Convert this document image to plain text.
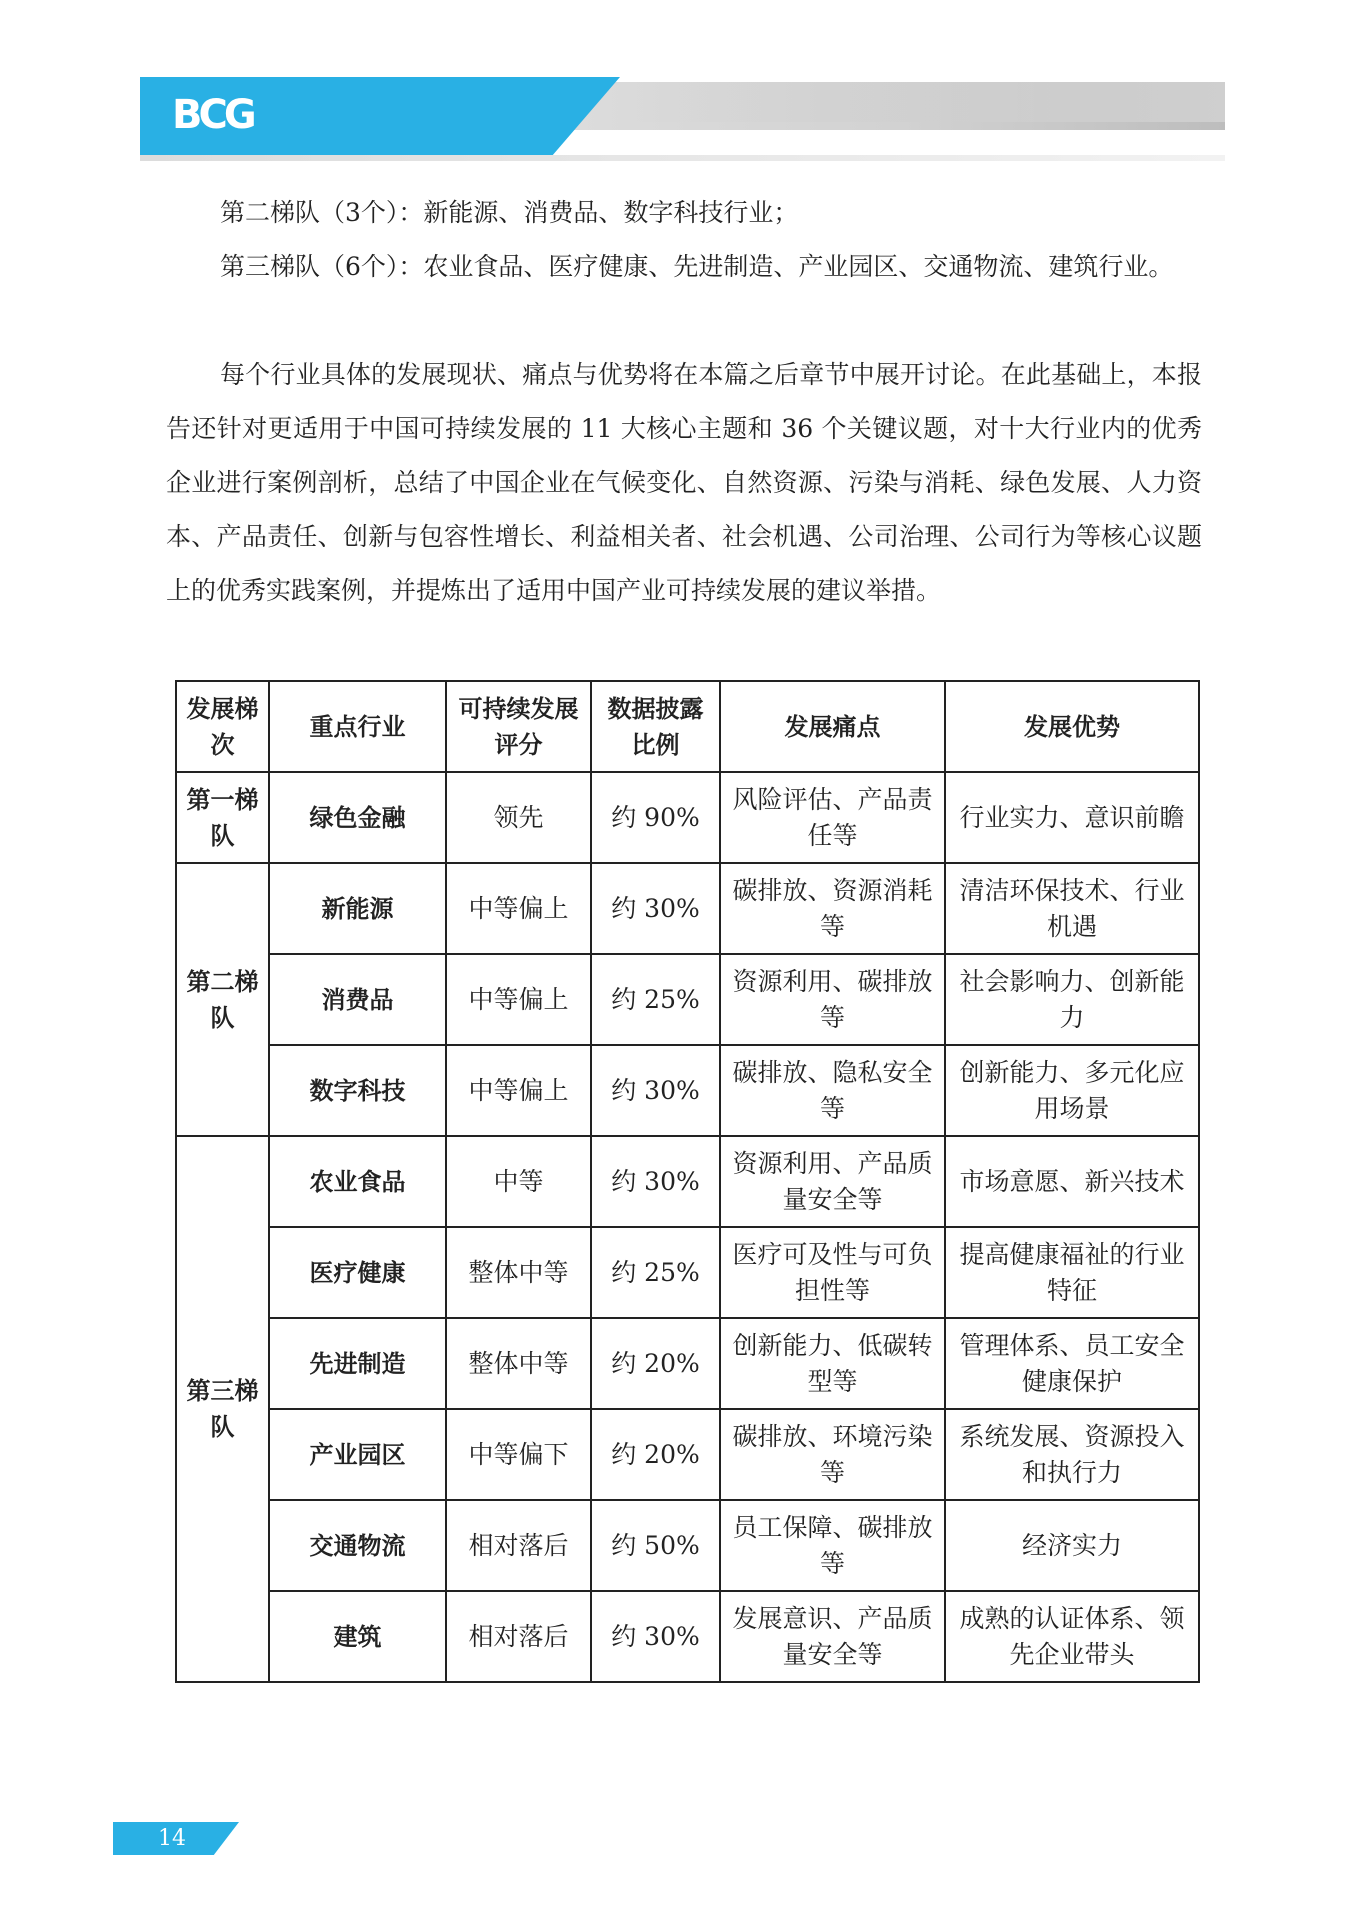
BCG

第二梯队（3个）：新能源、消费品、数字科技行业；

第三梯队（6个）：农业食品、医疗健康、先进制造、产业园区、交通物流、建筑行业。

每个行业具体的发展现状、痛点与优势将在本篇之后章节中展开讨论。在此基础上，本报告还针对更适用于中国可持续发展的 11 大核心主题和 36 个关键议题，对十大行业内的优秀企业进行案例剖析，总结了中国企业在气候变化、自然资源、污染与消耗、绿色发展、人力资本、产品责任、创新与包容性增长、利益相关者、社会机遇、公司治理、公司行为等核心议题上的优秀实践案例，并提炼出了适用中国产业可持续发展的建议举措。

发展梯次	重点行业	可持续发展评分	数据披露比例	发展痛点	发展优势
第一梯队	绿色金融	领先	约 90%	风险评估、产品责任等	行业实力、意识前瞻
第二梯队	新能源	中等偏上	约 30%	碳排放、资源消耗等	清洁环保技术、行业机遇
	消费品	中等偏上	约 25%	资源利用、碳排放等	社会影响力、创新能力
	数字科技	中等偏上	约 30%	碳排放、隐私安全等	创新能力、多元化应用场景
第三梯队	农业食品	中等	约 30%	资源利用、产品质量安全等	市场意愿、新兴技术
	医疗健康	整体中等	约 25%	医疗可及性与可负担性等	提高健康福祉的行业特征
	先进制造	整体中等	约 20%	创新能力、低碳转型等	管理体系、员工安全健康保护
	产业园区	中等偏下	约 20%	碳排放、环境污染等	系统发展、资源投入和执行力
	交通物流	相对落后	约 50%	员工保障、碳排放等	经济实力
	建筑	相对落后	约 30%	发展意识、产品质量安全等	成熟的认证体系、领先企业带头
14
